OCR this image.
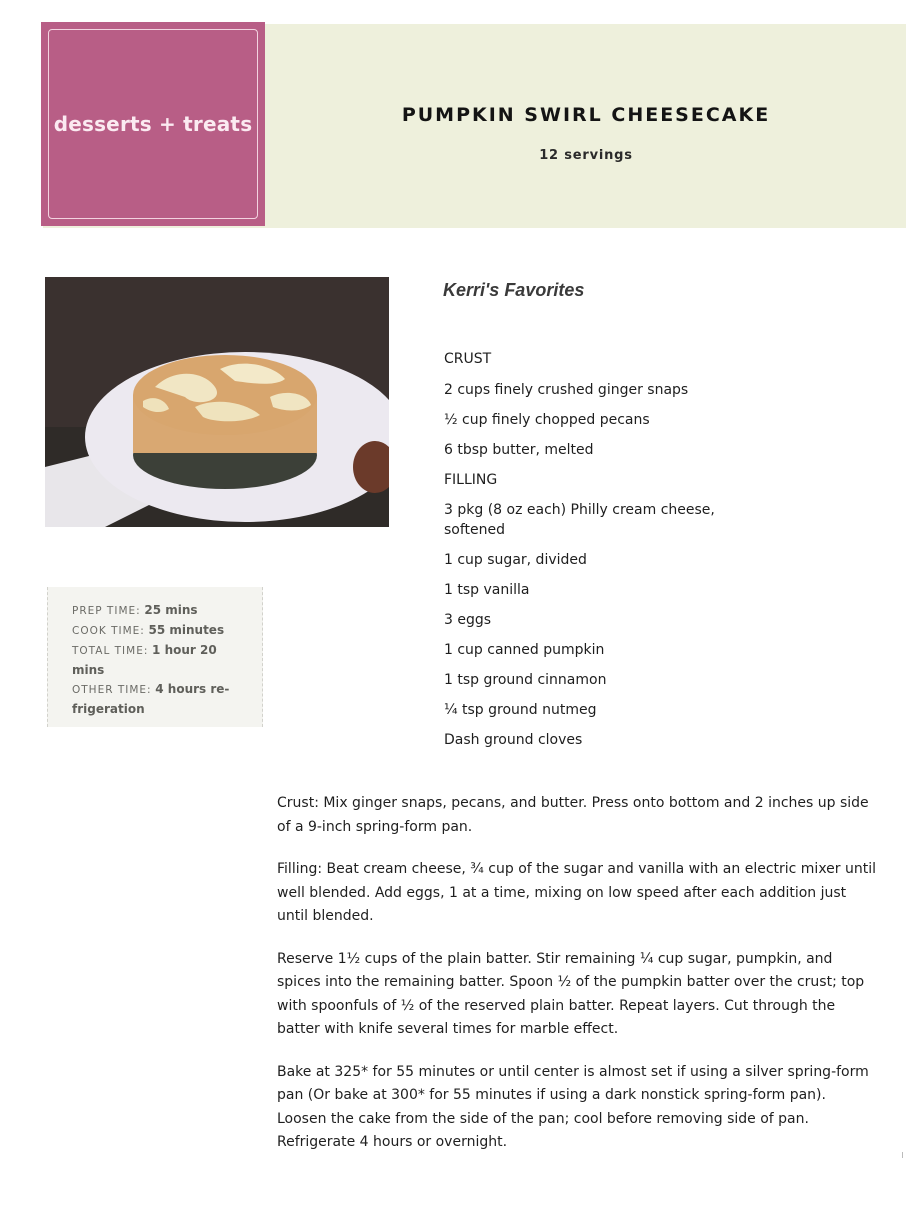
desserts + treats	PUMPKIN SWIRL CHEESECAKE
12 servings
PREP TIME: 25 mins
COOK TIME: 55 minutes
TOTAL TIME: 1 hour 20 mins
OTHER TIME: 4 hours re-frigeration
Kerri's Favorites
CRUST
2 cups finely crushed ginger snaps
½ cup finely chopped pecans
6 tbsp butter, melted
FILLING
3 pkg (8 oz each) Philly cream cheese, softened
1 cup sugar, divided
1 tsp vanilla
3 eggs
1 cup canned pumpkin
1 tsp ground cinnamon
¼ tsp ground nutmeg
Dash ground cloves

Crust: Mix ginger snaps, pecans, and butter. Press onto bottom and 2 inches up side of a 9-inch spring-form pan.

Filling: Beat cream cheese, ¾ cup of the sugar and vanilla with an electric mixer until well blended. Add eggs, 1 at a time, mixing on low speed after each addition just until blended.

Reserve 1½ cups of the plain batter. Stir remaining ¼ cup sugar, pumpkin, and spices into the remaining batter. Spoon ½ of the pumpkin batter over the crust; top with spoonfuls of ½ of the reserved plain batter. Repeat layers. Cut through the batter with knife several times for marble effect.

Bake at 325* for 55 minutes or until center is almost set if using a silver spring-form pan (Or bake at 300* for 55 minutes if using a dark nonstick spring-form pan). Loosen the cake from the side of the pan; cool before removing side of pan. Refrigerate 4 hours or overnight.
